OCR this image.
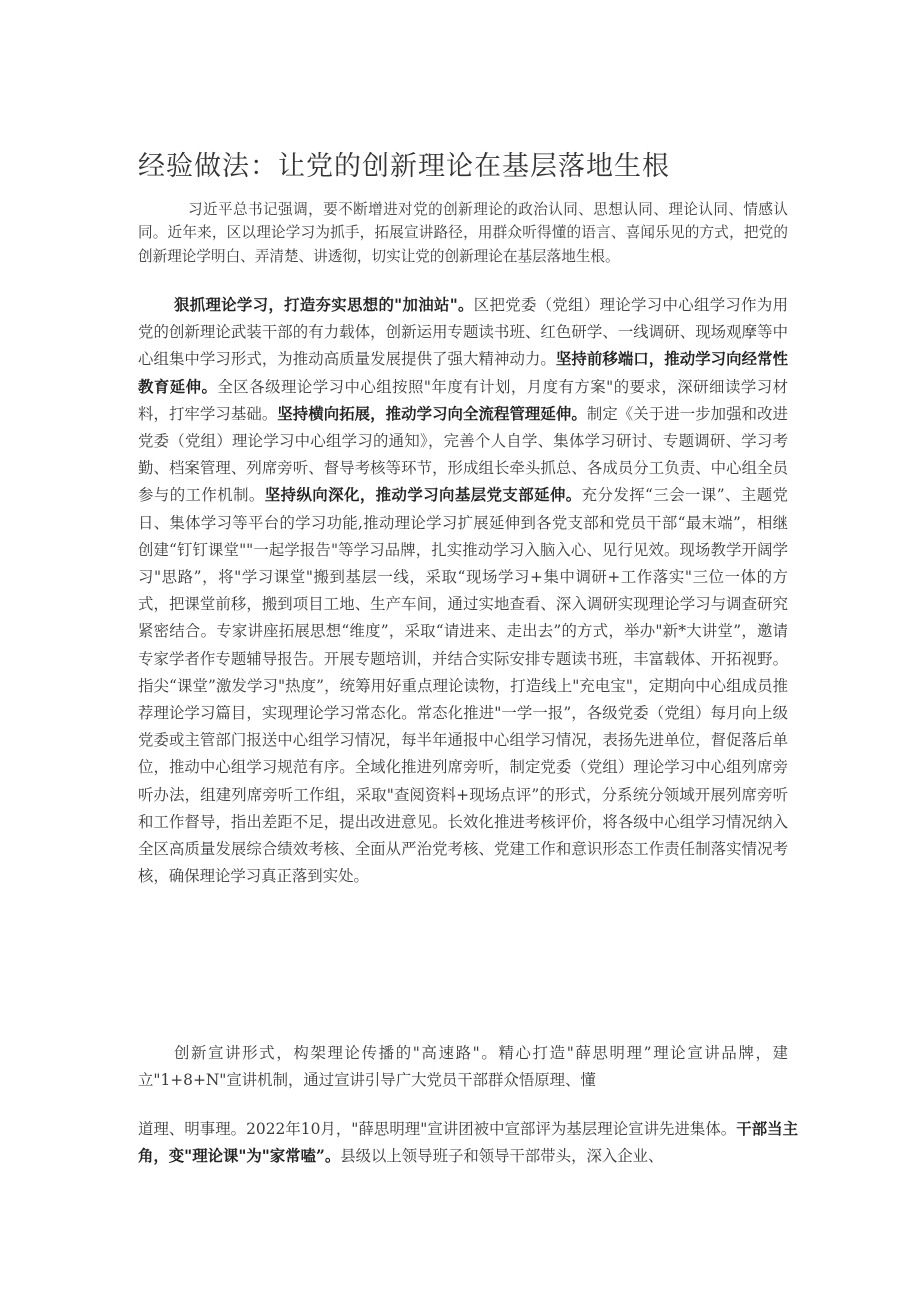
经验做法：让党的创新理论在基层落地生根

习近平总书记强调，要不断增进对党的创新理论的政治认同、思想认同、理论认同、情感认同。近年来，区以理论学习为抓手，拓展宣讲路径，用群众听得懂的语言、喜闻乐见的方式，把党的创新理论学明白、弄清楚、讲透彻，切实让党的创新理论在基层落地生根。

狠抓理论学习，打造夯实思想的"加油站"。区把党委（党组）理论学习中心组学习作为用党的创新理论武装干部的有力载体，创新运用专题读书班、红色研学、一线调研、现场观摩等中心组集中学习形式，为推动高质量发展提供了强大精神动力。坚持前移端口，推动学习向经常性教育延伸。全区各级理论学习中心组按照"年度有计划，月度有方案"的要求，深研细读学习材料，打牢学习基础。坚持横向拓展，推动学习向全流程管理延伸。制定《关于进一步加强和改进党委（党组）理论学习中心组学习的通知》，完善个人自学、集体学习研讨、专题调研、学习考勤、档案管理、列席旁听、督导考核等环节，形成组长牵头抓总、各成员分工负责、中心组全员参与的工作机制。坚持纵向深化，推动学习向基层党支部延伸。充分发挥“三会一课”、主题党日、集体学习等平台的学习功能,推动理论学习扩展延伸到各党支部和党员干部“最末端”，相继创建“钉钉课堂""一起学报告"等学习品牌，扎实推动学习入脑入心、见行见效。现场教学开阔学习"思路”，将"学习课堂"搬到基层一线，采取“现场学习+集中调研+工作落实"三位一体的方式，把课堂前移，搬到项目工地、生产车间，通过实地查看、深入调研实现理论学习与调查研究紧密结合。专家讲座拓展思想“维度”，采取“请进来、走出去”的方式，举办"新*大讲堂”，邀请专家学者作专题辅导报告。开展专题培训，并结合实际安排专题读书班，丰富载体、开拓视野。指尖“课堂”激发学习"热度”，统筹用好重点理论读物，打造线上"充电宝"，定期向中心组成员推荐理论学习篇目，实现理论学习常态化。常态化推进"一学一报”，各级党委（党组）每月向上级党委或主管部门报送中心组学习情况，每半年通报中心组学习情况，表扬先进单位，督促落后单位，推动中心组学习规范有序。全域化推进列席旁听，制定党委（党组）理论学习中心组列席旁听办法，组建列席旁听工作组，采取"查阅资料+现场点评”的形式，分系统分领域开展列席旁听和工作督导，指出差距不足，提出改进意见。长效化推进考核评价，将各级中心组学习情况纳入全区高质量发展综合绩效考核、全面从严治党考核、党建工作和意识形态工作责任制落实情况考核，确保理论学习真正落到实处。

创新宣讲形式，构架理论传播的"高速路"。精心打造"薛思明理”理论宣讲品牌，建立"1+8+N"宣讲机制，通过宣讲引导广大党员干部群众悟原理、懂

道理、明事理。2022年10月，"薛思明理"宣讲团被中宣部评为基层理论宣讲先进集体。干部当主角，变"理论课"为"家常嗑”。县级以上领导班子和领导干部带头，深入企业、
